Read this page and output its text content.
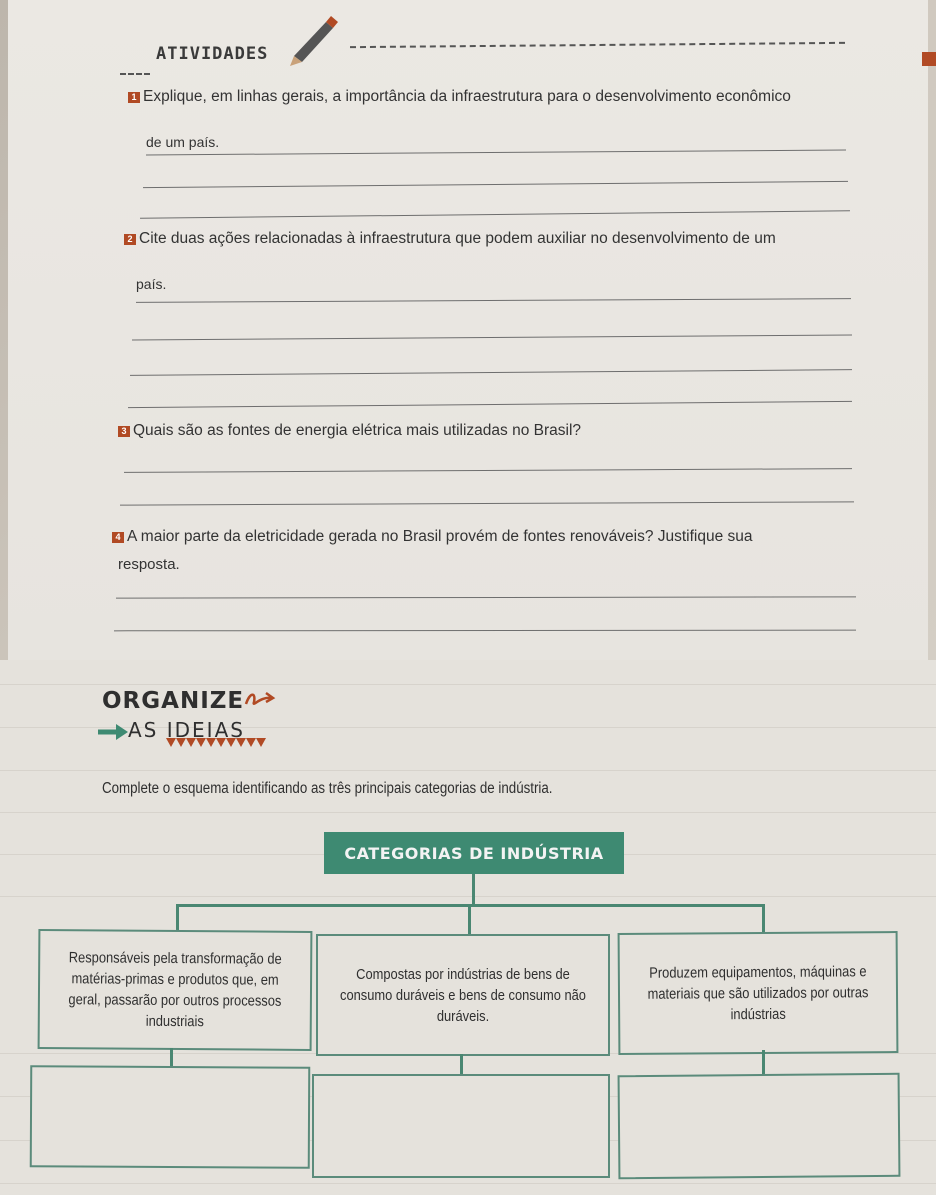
ATIVIDADES
1 Explique, em linhas gerais, a importância da infraestrutura para o desenvolvimento econômico
de um país.
2 Cite duas ações relacionadas à infraestrutura que podem auxiliar no desenvolvimento de um
país.
3 Quais são as fontes de energia elétrica mais utilizadas no Brasil?
4 A maior parte da eletricidade gerada no Brasil provém de fontes renováveis? Justifique sua
resposta.
ORGANIZE
AS IDEIAS
Complete o esquema identificando as três principais categorias de indústria.
CATEGORIAS DE INDÚSTRIA
Responsáveis pela transformação de matérias-primas e produtos que, em geral, passarão por outros processos industriais
Compostas por indústrias de bens de consumo duráveis e bens de consumo não duráveis.
Produzem equipamentos, máquinas e materiais que são utilizados por outras indústrias
